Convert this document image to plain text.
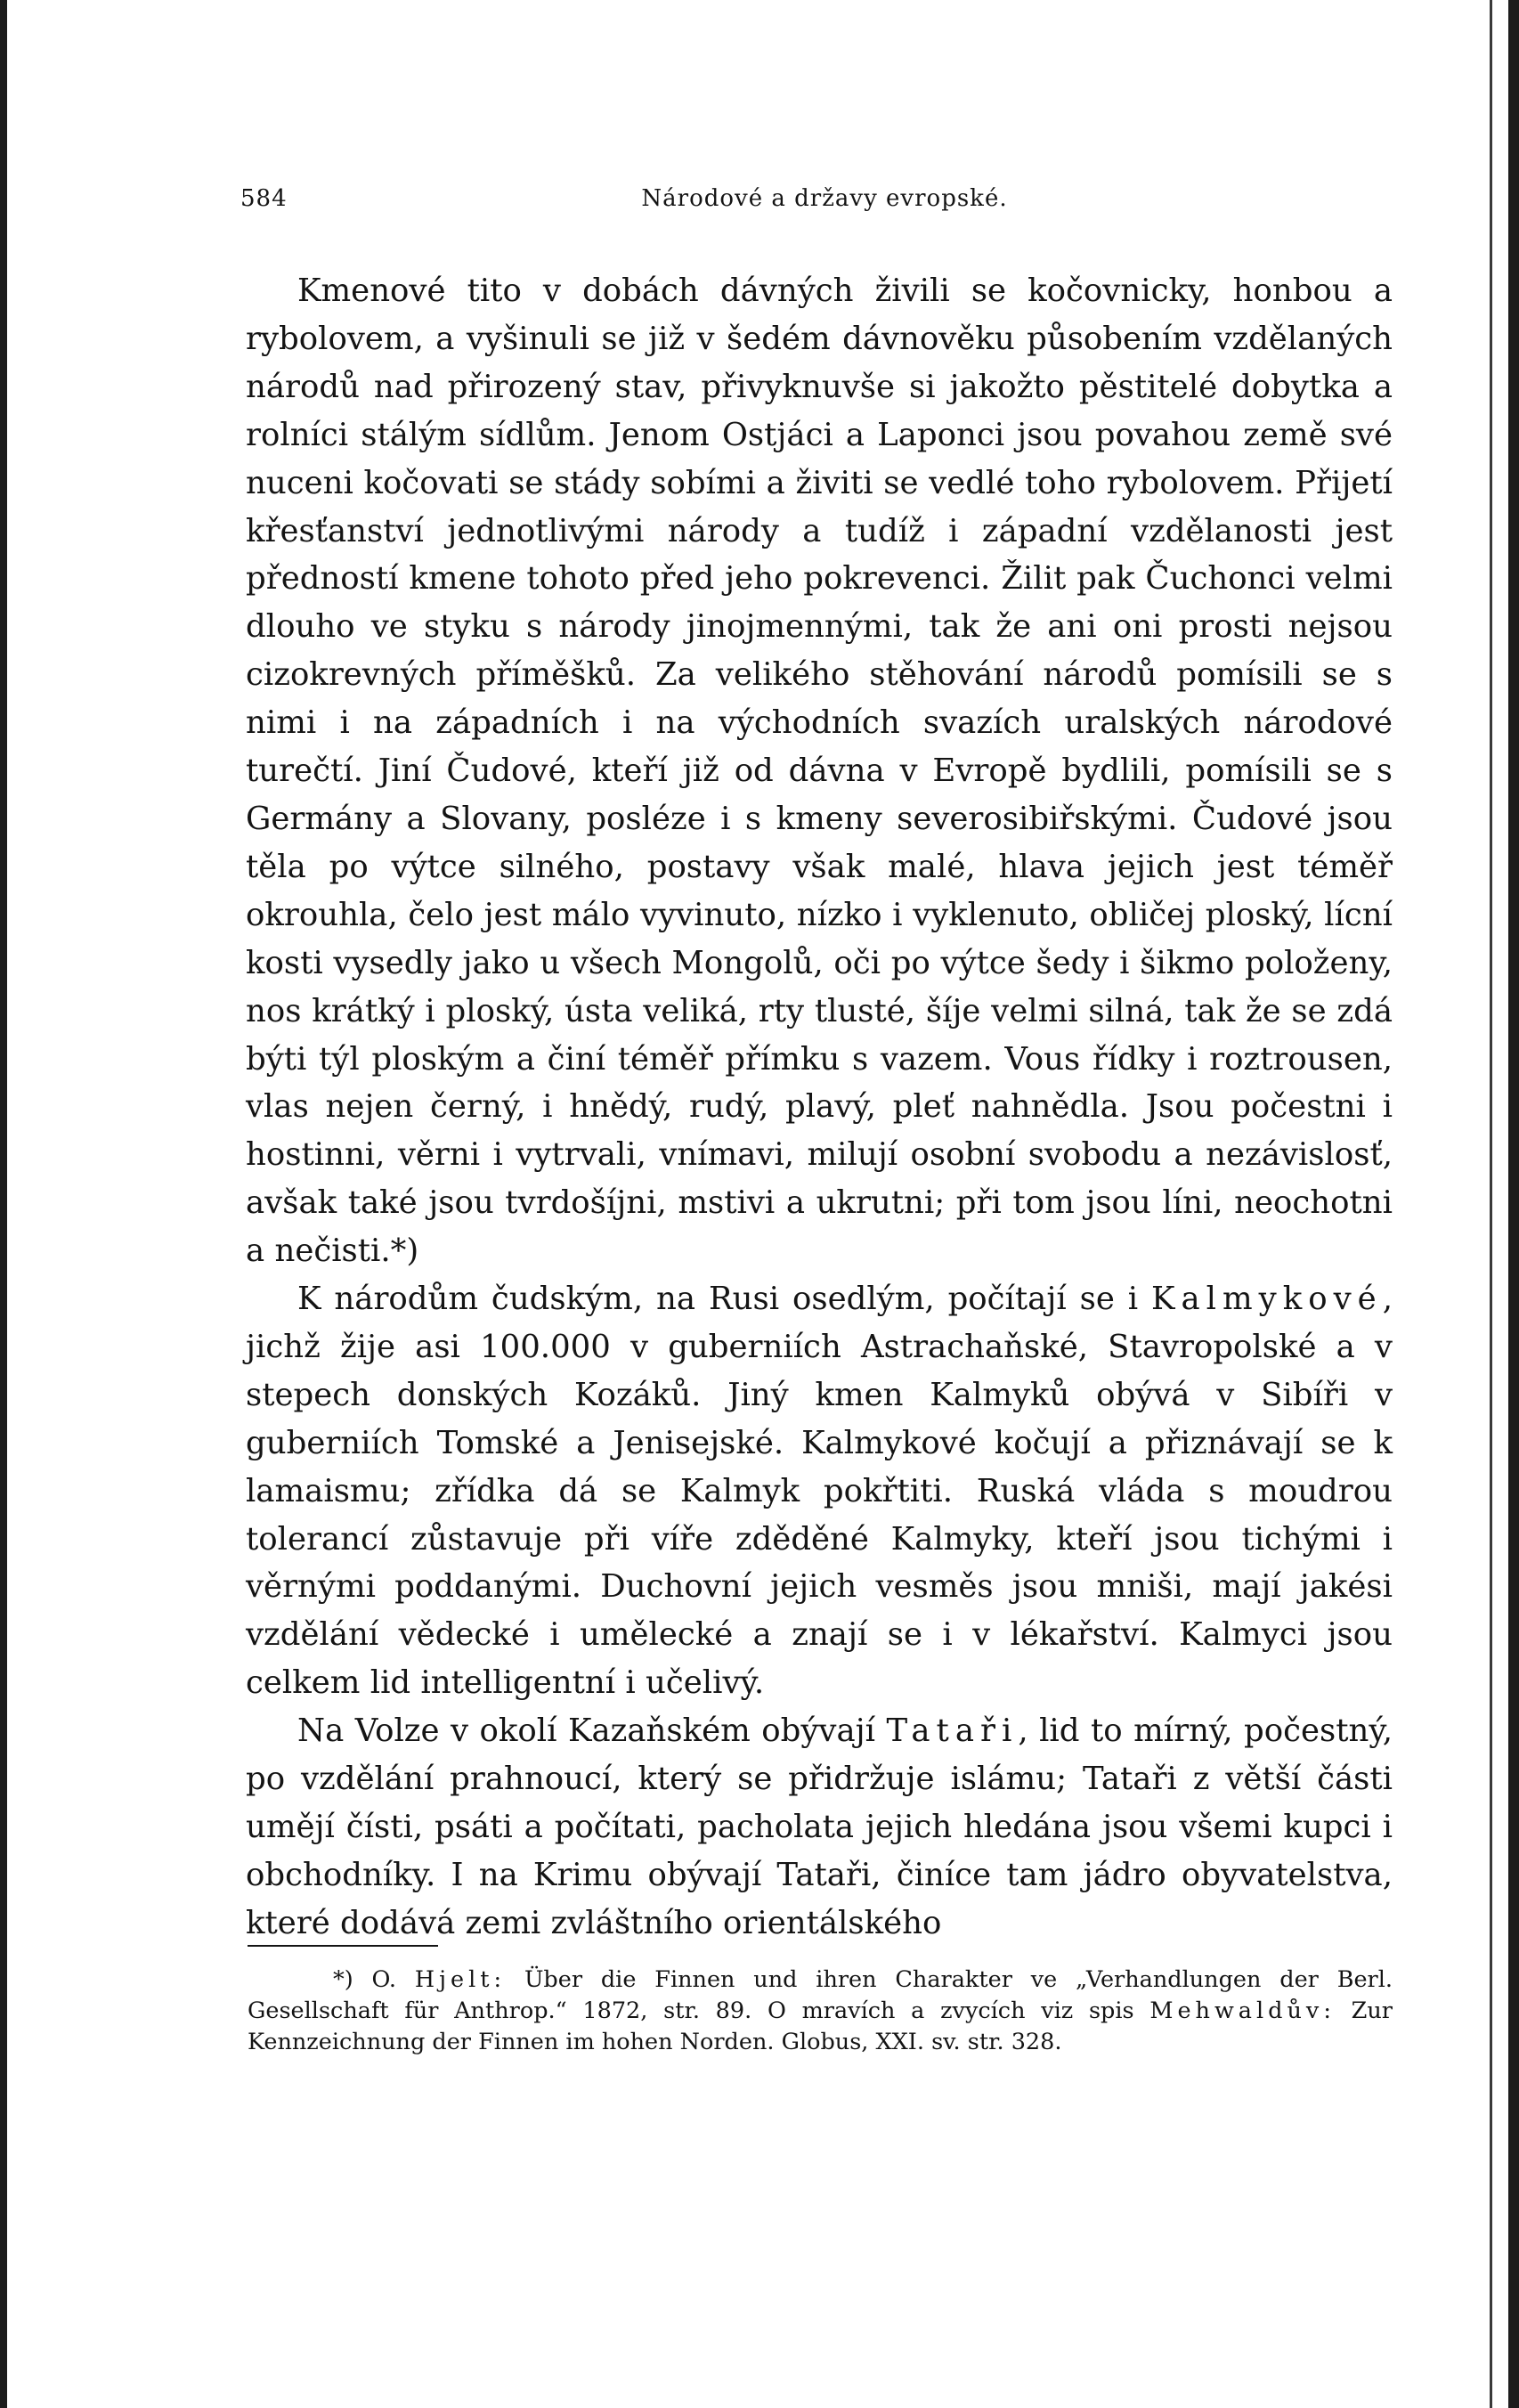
584	Národové a državy evropské.

Kmenové tito v dobách dávných živili se kočovnicky, honbou a rybolovem, a vyšinuli se již v šedém dávnověku působením vzdělaných národů nad přirozený stav, přivyknuvše si jakožto pěstitelé dobytka a rolníci stálým sídlům. Jenom Ostjáci a Laponci jsou povahou země své nuceni kočovati se stády sobími a živiti se vedlé toho rybolovem. Přijetí křesťanství jednotlivými národy a tudíž i západní vzdělanosti jest předností kmene tohoto před jeho pokrevenci. Žilit pak Čuchonci velmi dlouho ve styku s národy jinojmennými, tak že ani oni prosti nejsou cizokrevných příměšků. Za velikého stěhování národů pomísili se s nimi i na západních i na východních svazích uralských národové turečtí. Jiní Čudové, kteří již od dávna v Evropě bydlili, pomísili se s Germány a Slovany, posléze i s kmeny severosibiřskými. Čudové jsou těla po výtce silného, postavy však malé, hlava jejich jest téměř okrouhla, čelo jest málo vyvinuto, nízko i vyklenuto, obličej ploský, lícní kosti vysedly jako u všech Mongolů, oči po výtce šedy i šikmo položeny, nos krátký i ploský, ústa veliká, rty tlusté, šíje velmi silná, tak že se zdá býti týl ploským a činí téměř přímku s vazem. Vous řídky i roztrousen, vlas nejen černý, i hnědý, rudý, plavý, pleť nahnědla. Jsou počestni i hostinni, věrni i vytrvali, vnímavi, milují osobní svobodu a nezávislosť, avšak také jsou tvrdošíjni, mstivi a ukrutni; při tom jsou líni, neochotni a nečisti.*)

K národům čudským, na Rusi osedlým, počítají se i Kalmykové, jichž žije asi 100.000 v guberniích Astrachaňské, Stavropolské a v stepech donských Kozáků. Jiný kmen Kalmyků obývá v Sibíři v guberniích Tomské a Jenisejské. Kalmykové kočují a přiznávají se k lamaismu; zřídka dá se Kalmyk pokřtiti. Ruská vláda s moudrou tolerancí zůstavuje při víře zděděné Kalmyky, kteří jsou tichými i věrnými poddanými. Duchovní jejich vesměs jsou mniši, mají jakési vzdělání vědecké i umělecké a znají se i v lékařství. Kalmyci jsou celkem lid intelligentní i učelivý.

Na Volze v okolí Kazaňském obývají Tataři, lid to mírný, počestný, po vzdělání prahnoucí, který se přidržuje islámu; Tataři z větší části umějí čísti, psáti a počítati, pacholata jejich hledána jsou všemi kupci i obchodníky. I na Krimu obývají Tataři, činíce tam jádro obyvatelstva, které dodává zemi zvláštního orientálského

*) O. Hjelt: Über die Finnen und ihren Charakter ve „Verhandlungen der Berl. Gesellschaft für Anthrop.“ 1872, str. 89. O mravích a zvycích viz spis Mehwaldův: Zur Kennzeichnung der Finnen im hohen Norden. Globus, XXI. sv. str. 328.
